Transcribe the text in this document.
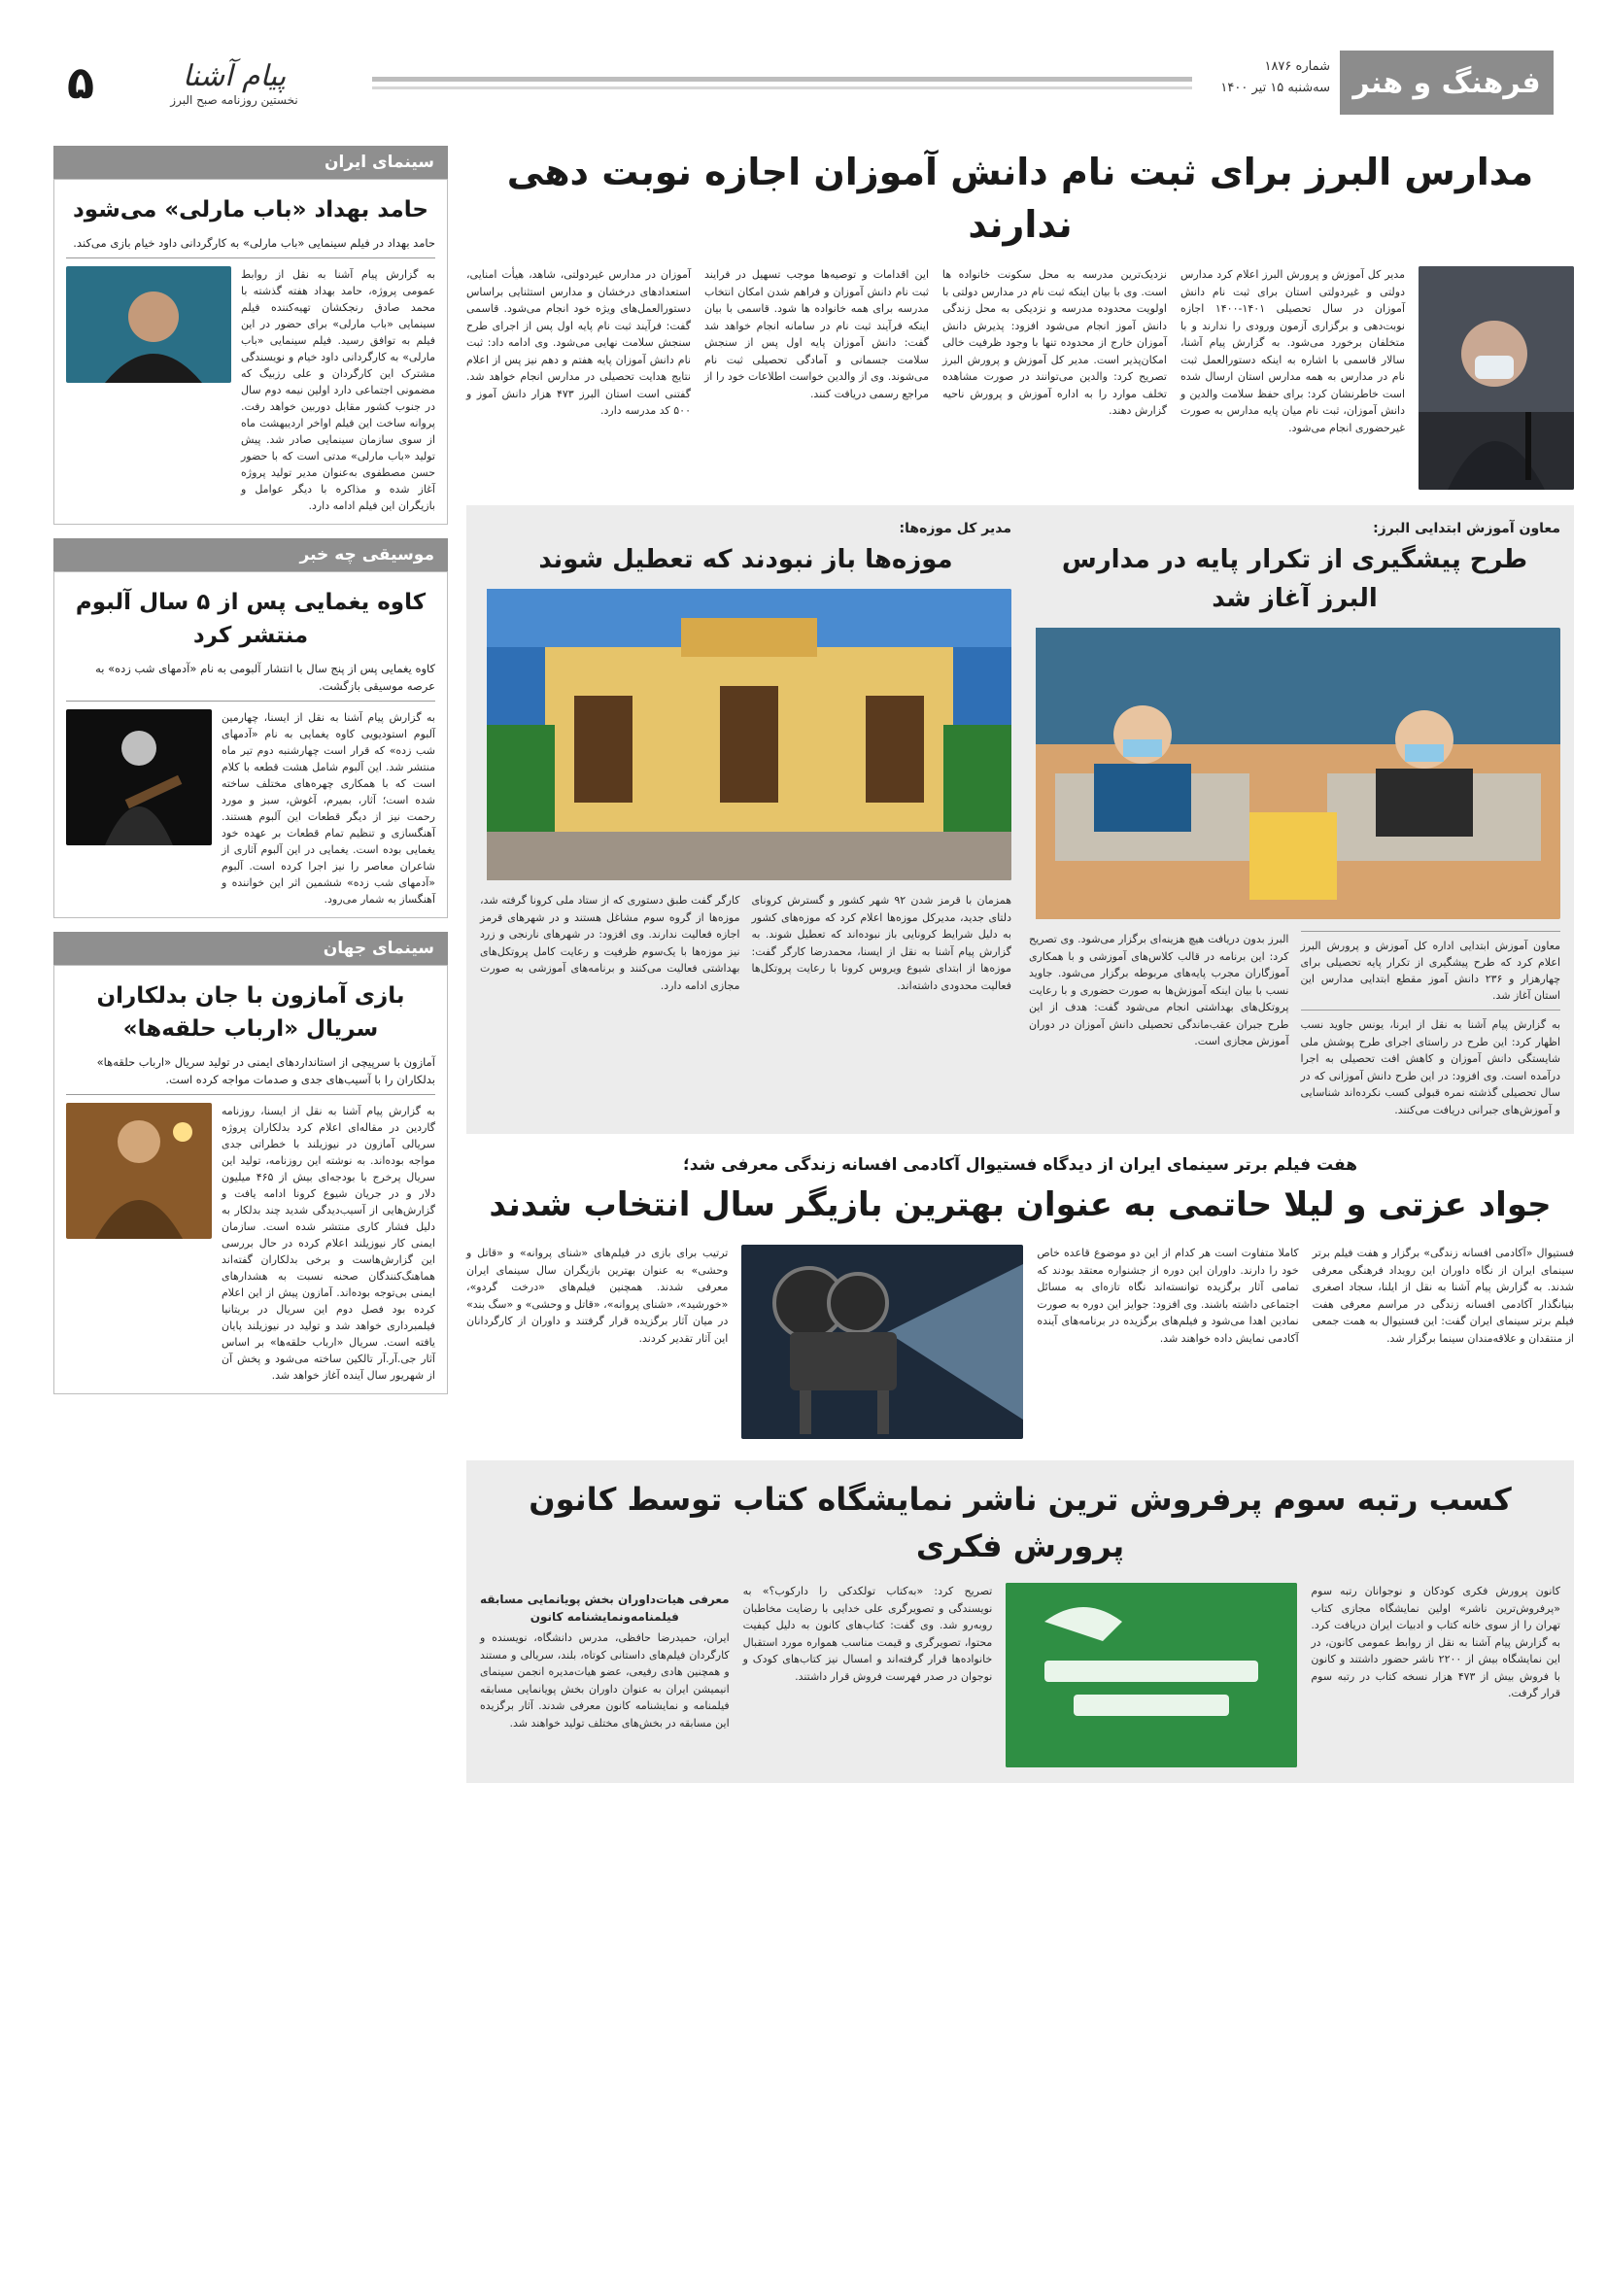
فرهنگ و هنر
شماره ۱۸۷۶
سه‌شنبه ۱۵ تیر ۱۴۰۰
پیام آشنا
نخستین روزنامه صبح البرز
۵
مدارس البرز برای ثبت نام دانش آموزان اجازه نوبت دهی ندارند
مدیر کل آموزش و پرورش البرز اعلام کرد مدارس دولتی و غیردولتی استان برای ثبت نام دانش آموزان در سال تحصیلی ۱۴۰۱-۱۴۰۰ اجازه نوبت‌دهی و برگزاری آزمون ورودی را ندارند و با متخلفان برخورد می‌شود. به گزارش پیام آشنا، سالار قاسمی با اشاره به اینکه دستورالعمل ثبت نام در مدارس به همه مدارس استان ارسال شده است خاطرنشان کرد: برای حفظ سلامت والدین و دانش آموزان، ثبت نام میان پایه مدارس به صورت غیرحضوری انجام می‌شود.
نزدیک‌ترین مدرسه به محل سکونت خانواده ها است. وی با بیان اینکه ثبت نام در مدارس دولتی با اولویت محدوده مدرسه و نزدیکی به محل زندگی دانش آموز انجام می‌شود افزود: پذیرش دانش آموزان خارج از محدوده تنها با وجود ظرفیت خالی امکان‌پذیر است. مدیر کل آموزش و پرورش البرز تصریح کرد: والدین می‌توانند در صورت مشاهده تخلف موارد را به اداره آموزش و پرورش ناحیه گزارش دهند.
این اقدامات و توصیه‌ها موجب تسهیل در فرایند ثبت نام دانش آموزان و فراهم شدن امکان انتخاب مدرسه برای همه خانواده ها شود. قاسمی با بیان اینکه فرآیند ثبت نام در سامانه انجام خواهد شد گفت: دانش آموزان پایه اول پس از سنجش سلامت جسمانی و آمادگی تحصیلی ثبت نام می‌شوند. وی از والدین خواست اطلاعات خود را از مراجع رسمی دریافت کنند.
آموزان در مدارس غیردولتی، شاهد، هیأت امنایی، استعدادهای درخشان و مدارس استثنایی براساس دستورالعمل‌های ویژه خود انجام می‌شود. قاسمی گفت: فرآیند ثبت نام پایه اول پس از اجرای طرح سنجش سلامت نهایی می‌شود. وی ادامه داد: ثبت نام دانش آموزان پایه هفتم و دهم نیز پس از اعلام نتایج هدایت تحصیلی در مدارس انجام خواهد شد. گفتنی است استان البرز ۴۷۳ هزار دانش آموز و ۵۰۰ کد مدرسه دارد.
معاون آموزش ابتدایی البرز:
طرح پیشگیری از تکرار پایه در مدارس البرز آغاز شد
معاون آموزش ابتدایی اداره کل آموزش و پرورش البرز اعلام کرد که طرح پیشگیری از تکرار پایه تحصیلی برای چهارهزار و ۲۳۶ دانش آموز مقطع ابتدایی مدارس این استان آغاز شد.
به گزارش پیام آشنا به نقل از ایرنا، یونس جاوید نسب اظهار کرد: این طرح در راستای اجرای طرح پوشش ملی شایستگی دانش آموزان و کاهش افت تحصیلی به اجرا درآمده است. وی افزود: در این طرح دانش آموزانی که در سال تحصیلی گذشته نمره قبولی کسب نکرده‌اند شناسایی و آموزش‌های جبرانی دریافت می‌کنند.
البرز بدون دریافت هیچ هزینه‌ای برگزار می‌شود. وی تصریح کرد: این برنامه در قالب کلاس‌های آموزشی و با همکاری آموزگاران مجرب پایه‌های مربوطه برگزار می‌شود. جاوید نسب با بیان اینکه آموزش‌ها به صورت حضوری و با رعایت پروتکل‌های بهداشتی انجام می‌شود گفت: هدف از این طرح جبران عقب‌ماندگی تحصیلی دانش آموزان در دوران آموزش مجازی است.
مدیر کل موزه‌ها:
موزه‌ها باز نبودند که تعطیل شوند
همزمان با قرمز شدن ۹۲ شهر کشور و گسترش کرونای دلتای جدید، مدیرکل موزه‌ها اعلام کرد که موزه‌های کشور به دلیل شرایط کرونایی باز نبوده‌اند که تعطیل شوند. به گزارش پیام آشنا به نقل از ایسنا، محمدرضا کارگر گفت: موزه‌ها از ابتدای شیوع ویروس کرونا با رعایت پروتکل‌ها فعالیت محدودی داشته‌اند.
کارگر گفت طبق دستوری که از ستاد ملی کرونا گرفته شد، موزه‌ها از گروه سوم مشاغل هستند و در شهرهای قرمز اجازه فعالیت ندارند. وی افزود: در شهرهای نارنجی و زرد نیز موزه‌ها با یک‌سوم ظرفیت و رعایت کامل پروتکل‌های بهداشتی فعالیت می‌کنند و برنامه‌های آموزشی به صورت مجازی ادامه دارد.
هفت فیلم برتر سینمای ایران از دیدگاه فستیوال آکادمی افسانه زندگی معرفی شد؛
جواد عزتی و لیلا حاتمی به عنوان بهترین بازیگر سال انتخاب شدند
فستیوال «آکادمی افسانه زندگی» برگزار و هفت فیلم برتر سینمای ایران از نگاه داوران این رویداد فرهنگی معرفی شدند. به گزارش پیام آشنا به نقل از ایلنا، سجاد اصغری بنیانگذار آکادمی افسانه زندگی در مراسم معرفی هفت فیلم برتر سینمای ایران گفت: این فستیوال به همت جمعی از منتقدان و علاقه‌مندان سینما برگزار شد.
کاملا متفاوت است هر کدام از این دو موضوع قاعده خاص خود را دارند. داوران این دوره از جشنواره معتقد بودند که تمامی آثار برگزیده توانسته‌اند نگاه تازه‌ای به مسائل اجتماعی داشته باشند. وی افزود: جوایز این دوره به صورت نمادین اهدا می‌شود و فیلم‌های برگزیده در برنامه‌های آینده آکادمی نمایش داده خواهند شد.
ترتیب برای بازی در فیلم‌های «شنای پروانه» و «قاتل و وحشی» به عنوان بهترین بازیگران سال سینمای ایران معرفی شدند. همچنین فیلم‌های «درخت گردو»، «خورشید»، «شنای پروانه»، «قاتل و وحشی» و «سگ بند» در میان آثار برگزیده قرار گرفتند و داوران از کارگردانان این آثار تقدیر کردند.
کسب رتبه سوم پرفروش ترین ناشر نمایشگاه کتاب توسط کانون پرورش فکری
کانون پرورش فکری کودکان و نوجوانان رتبه سوم «پرفروش‌ترین ناشر» اولین نمایشگاه مجازی کتاب تهران را از سوی خانه کتاب و ادبیات ایران دریافت کرد. به گزارش پیام آشنا به نقل از روابط عمومی کانون، در این نمایشگاه بیش از ۲۲۰۰ ناشر حضور داشتند و کانون با فروش بیش از ۴۷۳ هزار نسخه کتاب در رتبه سوم قرار گرفت.
تصریح کرد: «به‌کتاب تولکدکی را دارکوب؟» به نویسندگی و تصویرگری علی خدایی با رضایت مخاطبان روبه‌رو شد. وی گفت: کتاب‌های کانون به دلیل کیفیت محتوا، تصویرگری و قیمت مناسب همواره مورد استقبال خانواده‌ها قرار گرفته‌اند و امسال نیز کتاب‌های کودک و نوجوان در صدر فهرست فروش قرار داشتند.
معرفی هیات‌داوران بخش پویانمایی مسابقه فیلمنامه‌ونمایشنامه کانون
ایران، حمیدرضا حافظی، مدرس دانشگاه، نویسنده و کارگردان فیلم‌های داستانی کوتاه، بلند، سریالی و مستند و همچنین هادی رفیعی، عضو هیات‌مدیره انجمن سینمای انیمیشن ایران به عنوان داوران بخش پویانمایی مسابقه فیلمنامه و نمایشنامه کانون معرفی شدند. آثار برگزیده این مسابقه در بخش‌های مختلف تولید خواهند شد.
سینمای ایران
حامد بهداد «باب مارلی» می‌شود
حامد بهداد در فیلم سینمایی «باب مارلی» به کارگردانی داود خیام بازی می‌کند.
به گزارش پیام آشنا به نقل از روابط عمومی پروژه، حامد بهداد هفته گذشته با محمد صادق رنجکشان تهیه‌کننده فیلم سینمایی «باب مارلی» برای حضور در این فیلم به توافق رسید. فیلم سینمایی «باب مارلی» به کارگردانی داود خیام و نویسندگی مشترک این کارگردان و علی رزبیگ که مضمونی اجتماعی دارد اولین نیمه دوم سال در جنوب کشور مقابل دوربین خواهد رفت. پروانه ساخت این فیلم اواخر اردیبهشت ماه از سوی سازمان سینمایی صادر شد. پیش تولید «باب مارلی» مدتی است که با حضور حسن مصطفوی به‌عنوان مدیر تولید پروژه آغاز شده و مذاکره با دیگر عوامل و بازیگران این فیلم ادامه دارد.
موسیقی چه خبر
کاوه یغمایی پس از ۵ سال آلبوم منتشر کرد
کاوه یغمایی پس از پنج سال با انتشار آلبومی به نام «آدمهای شب زده» به عرصه موسیقی بازگشت.
به گزارش پیام آشنا به نقل از ایسنا، چهارمین آلبوم استودیویی کاوه یغمایی به نام «آدمهای شب زده» که قرار است چهارشنبه دوم تیر ماه منتشر شد. این آلبوم شامل هشت قطعه با کلام است که با همکاری چهره‌های مختلف ساخته شده است؛ آثار، بمیرم، آغوش، سبز و مورد رحمت نیز از دیگر قطعات این آلبوم هستند. آهنگسازی و تنظیم تمام قطعات بر عهده خود یغمایی بوده است. یغمایی در این آلبوم آثاری از شاعران معاصر را نیز اجرا کرده است. آلبوم «آدمهای شب زده» ششمین اثر این خواننده و آهنگساز به شمار می‌رود.
سینمای جهان
بازی آمازون با جان بدلکاران سریال «ارباب حلقه‌ها»
آمازون با سرپیچی از استانداردهای ایمنی در تولید سریال «ارباب حلقه‌ها» بدلکاران را با آسیب‌های جدی و صدمات مواجه کرده است.
به گزارش پیام آشنا به نقل از ایسنا، روزنامه گاردین در مقاله‌ای اعلام کرد بدلکاران پروژه سریالی آمازون در نیوزیلند با خطراتی جدی مواجه بوده‌اند. به نوشته این روزنامه، تولید این سریال پرخرج با بودجه‌ای بیش از ۴۶۵ میلیون دلار و در جریان شیوع کرونا ادامه یافت و گزارش‌هایی از آسیب‌دیدگی شدید چند بدلکار به دلیل فشار کاری منتشر شده است. سازمان ایمنی کار نیوزیلند اعلام کرده در حال بررسی این گزارش‌هاست و برخی بدلکاران گفته‌اند هماهنگ‌کنندگان صحنه نسبت به هشدارهای ایمنی بی‌توجه بوده‌اند. آمازون پیش از این اعلام کرده بود فصل دوم این سریال در بریتانیا فیلمبرداری خواهد شد و تولید در نیوزیلند پایان یافته است. سریال «ارباب حلقه‌ها» بر اساس آثار جی.آر.آر تالکین ساخته می‌شود و پخش آن از شهریور سال آینده آغاز خواهد شد.
